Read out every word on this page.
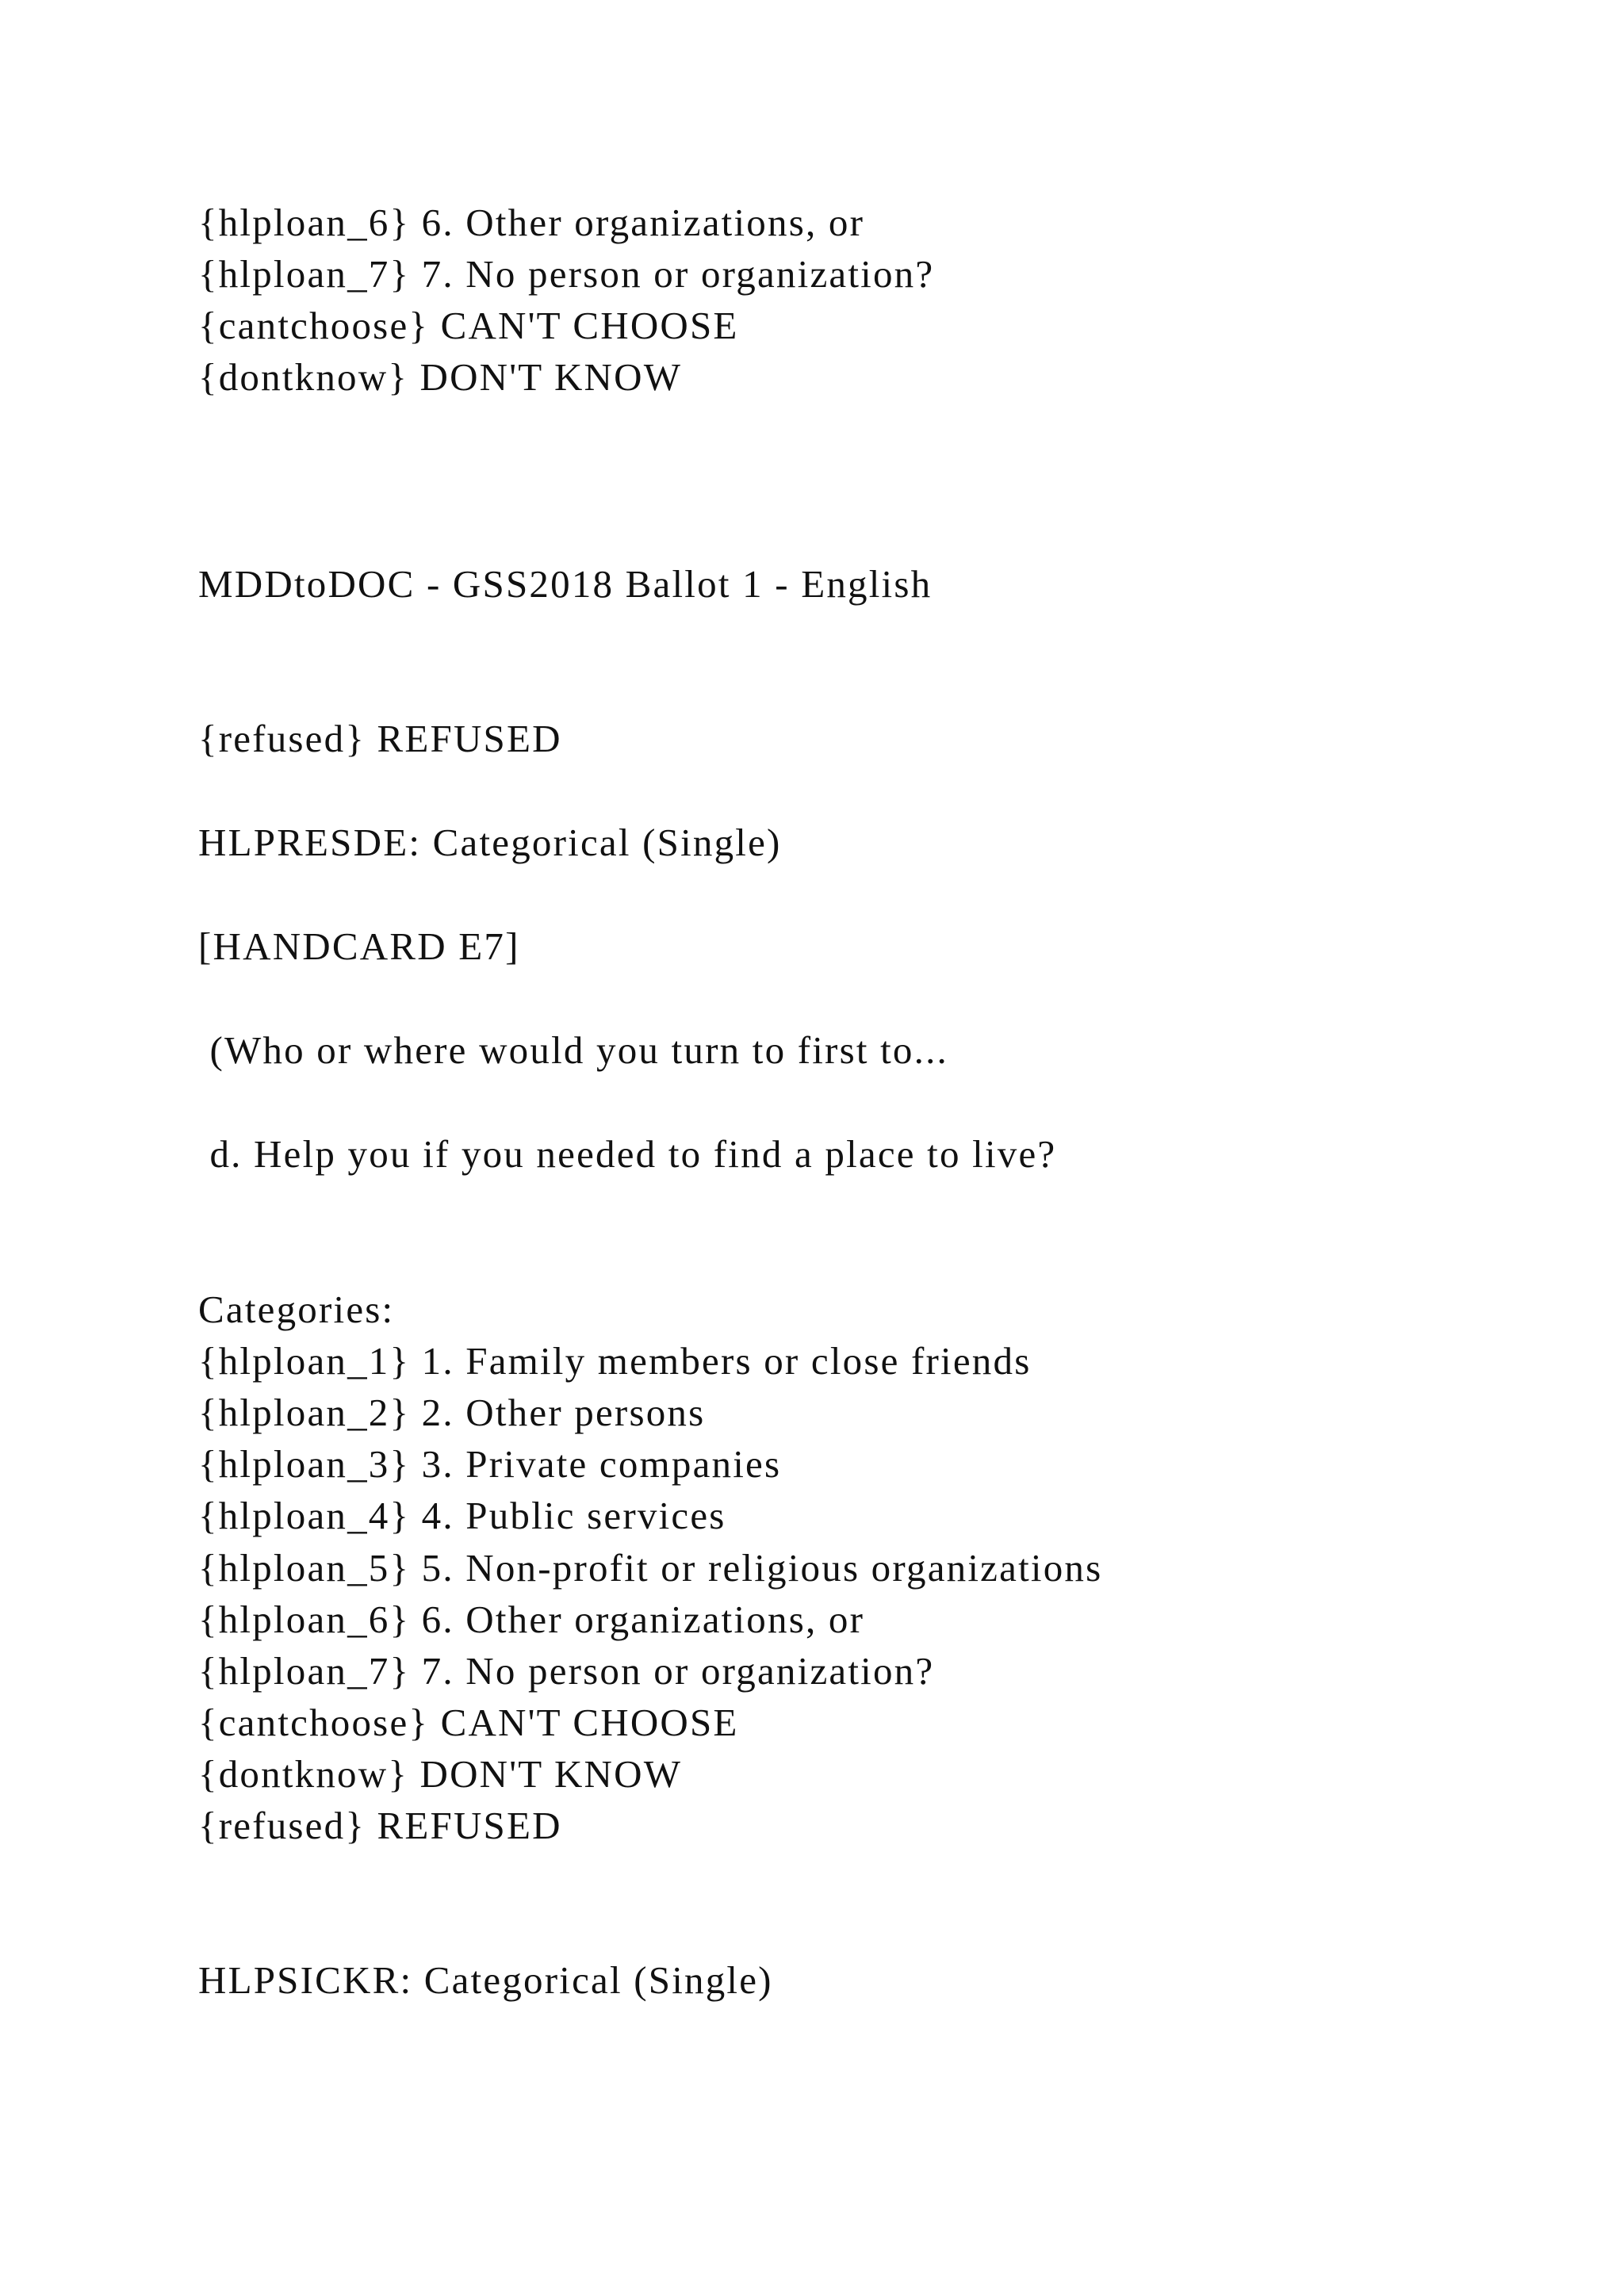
{hlploan_6} 6. Other organizations, or

{hlploan_7} 7. No person or organization?

{cantchoose} CAN'T CHOOSE

{dontknow} DON'T KNOW

MDDtoDOC - GSS2018 Ballot 1 - English

{refused} REFUSED

HLPRESDE: Categorical (Single)

[HANDCARD E7]

(Who or where would you turn to first to...

d. Help you if you needed to find a place to live?

Categories:

{hlploan_1} 1. Family members or close friends

{hlploan_2} 2. Other persons

{hlploan_3} 3. Private companies

{hlploan_4} 4. Public services

{hlploan_5} 5. Non-profit or religious organizations

{hlploan_6} 6. Other organizations, or

{hlploan_7} 7. No person or organization?

{cantchoose} CAN'T CHOOSE

{dontknow} DON'T KNOW

{refused} REFUSED

HLPSICKR: Categorical (Single)
